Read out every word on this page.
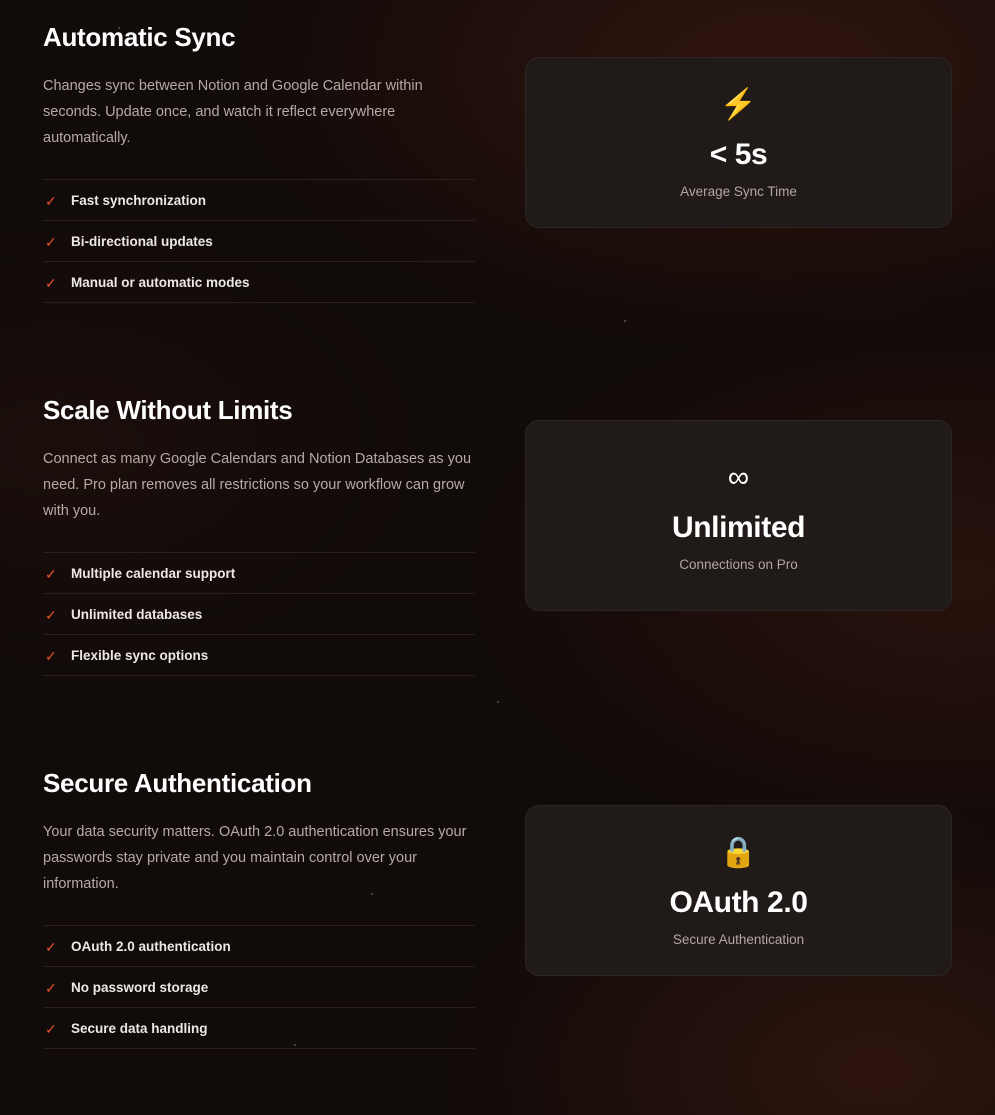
Automatic Sync

Changes sync between Notion and Google Calendar within seconds. Update once, and watch it reflect everywhere automatically.

✓ Fast synchronization
✓ Bi-directional updates
✓ Manual or automatic modes
⚡
< 5s
Average Sync Time
Scale Without Limits

Connect as many Google Calendars and Notion Databases as you need. Pro plan removes all restrictions so your workflow can grow with you.

✓ Multiple calendar support
✓ Unlimited databases
✓ Flexible sync options
∞
Unlimited
Connections on Pro
Secure Authentication

Your data security matters. OAuth 2.0 authentication ensures your passwords stay private and you maintain control over your information.

✓ OAuth 2.0 authentication
✓ No password storage
✓ Secure data handling
🔒
OAuth 2.0
Secure Authentication
